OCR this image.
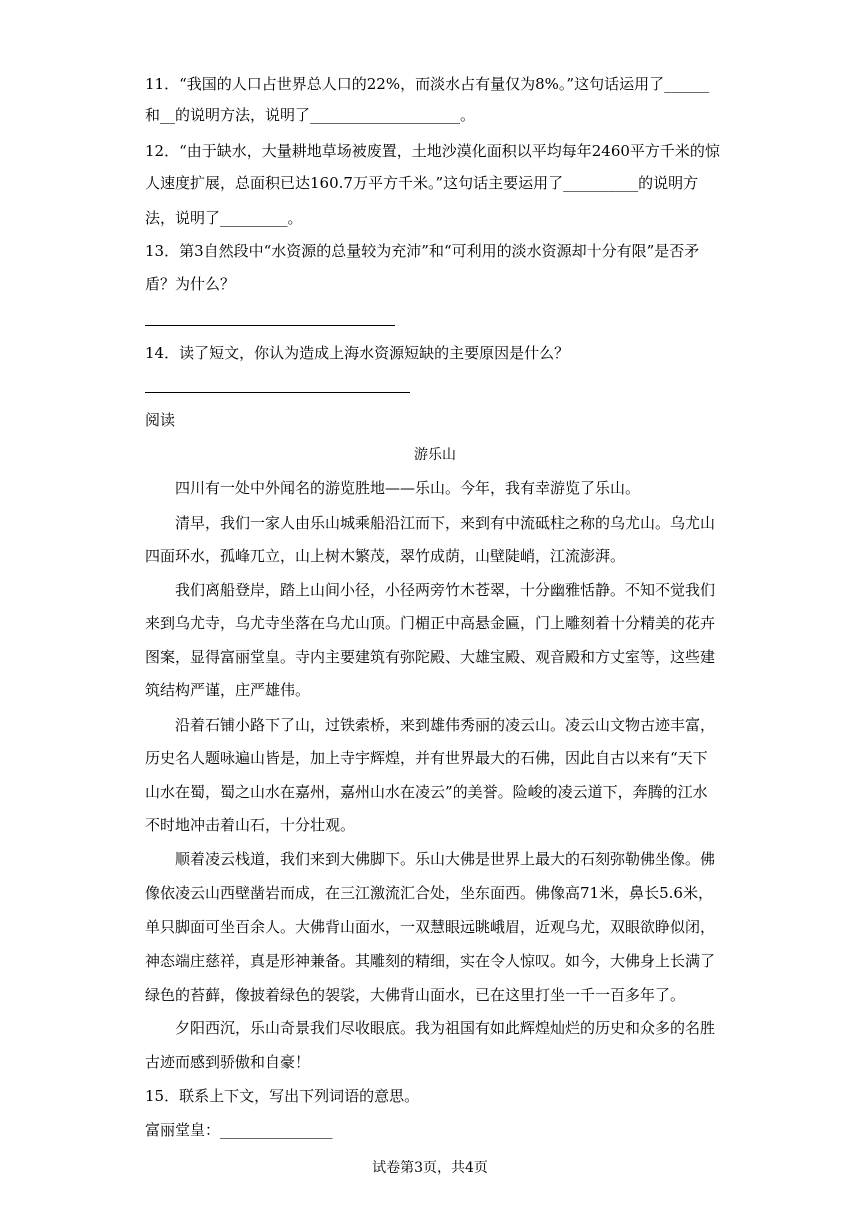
11．“我国的人口占世界总人口的22%，而淡水占有量仅为8%。”这句话运用了______
和__的说明方法，说明了____________________。
12．“由于缺水，大量耕地草场被废置，土地沙漠化面积以平均每年2460平方千米的惊
人速度扩展，总面积已达160.7万平方千米。”这句话主要运用了__________的说明方
法，说明了_________。
13．第3自然段中“水资源的总量较为充沛”和“可利用的淡水资源却十分有限”是否矛
盾？为什么？
14．读了短文，你认为造成上海水资源短缺的主要原因是什么？
阅读
游乐山
四川有一处中外闻名的游览胜地——乐山。今年，我有幸游览了乐山。
清早，我们一家人由乐山城乘船沿江而下，来到有中流砥柱之称的乌尤山。乌尤山
四面环水，孤峰兀立，山上树木繁茂，翠竹成荫，山壁陡峭，江流澎湃。
我们离船登岸，踏上山间小径，小径两旁竹木苍翠，十分幽雅恬静。不知不觉我们
来到乌尤寺，乌尤寺坐落在乌尤山顶。门楣正中高悬金匾，门上雕刻着十分精美的花卉
图案，显得富丽堂皇。寺内主要建筑有弥陀殿、大雄宝殿、观音殿和方丈室等，这些建
筑结构严谨，庄严雄伟。
沿着石铺小路下了山，过铁索桥，来到雄伟秀丽的凌云山。凌云山文物古迹丰富，
历史名人题咏遍山皆是，加上寺宇辉煌，并有世界最大的石佛，因此自古以来有“天下
山水在蜀，蜀之山水在嘉州，嘉州山水在凌云”的美誉。险峻的凌云道下，奔腾的江水
不时地冲击着山石，十分壮观。
顺着凌云栈道，我们来到大佛脚下。乐山大佛是世界上最大的石刻弥勒佛坐像。佛
像依凌云山西壁凿岩而成，在三江激流汇合处，坐东面西。佛像高71米，鼻长5.6米，
单只脚面可坐百余人。大佛背山面水，一双慧眼远眺峨眉，近观乌尤，双眼欲睁似闭，
神态端庄慈祥，真是形神兼备。其雕刻的精细，实在令人惊叹。如今，大佛身上长满了
绿色的苔藓，像披着绿色的袈裟，大佛背山面水，已在这里打坐一千一百多年了。
夕阳西沉，乐山奇景我们尽收眼底。我为祖国有如此辉煌灿烂的历史和众多的名胜
古迹而感到骄傲和自豪！
15．联系上下文，写出下列词语的意思。
富丽堂皇：_______________
试卷第3页，共4页
